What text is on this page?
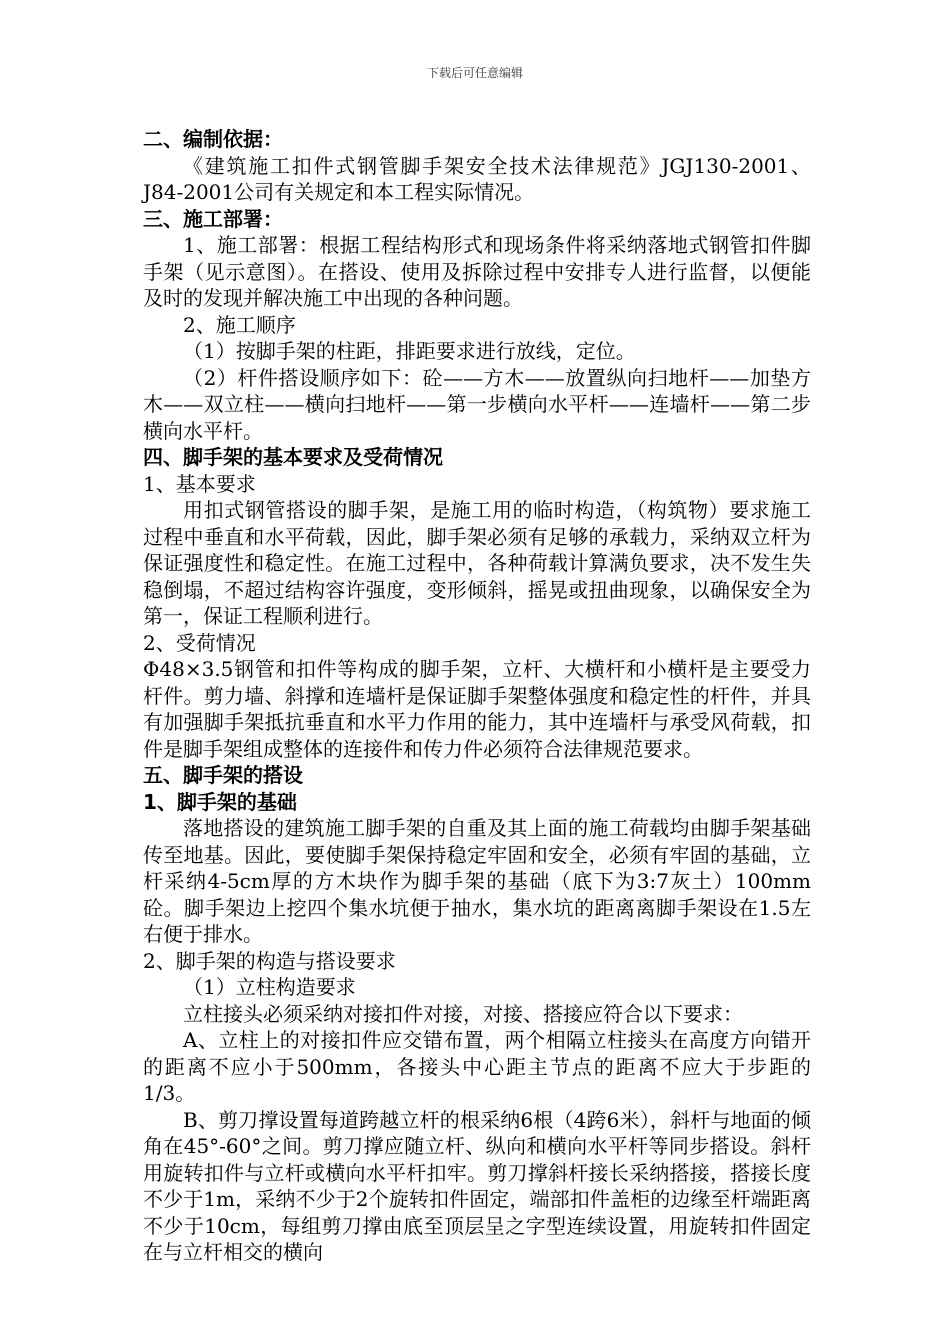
下载后可任意编辑

二、编制依据：

《建筑施工扣件式钢管脚手架安全技术法律规范》JGJ130-2001、J84-2001公司有关规定和本工程实际情况。

三、施工部署：

1、施工部署：根据工程结构形式和现场条件将采纳落地式钢管扣件脚手架（见示意图）。在搭设、使用及拆除过程中安排专人进行监督，以便能及时的发现并解决施工中出现的各种问题。

2、施工顺序

（1）按脚手架的柱距，排距要求进行放线，定位。

（2）杆件搭设顺序如下：砼——方木——放置纵向扫地杆——加垫方木——双立柱——横向扫地杆——第一步横向水平杆——连墙杆——第二步横向水平杆。

四、脚手架的基本要求及受荷情况

1、基本要求

用扣式钢管搭设的脚手架，是施工用的临时构造，（构筑物）要求施工过程中垂直和水平荷载，因此，脚手架必须有足够的承载力，采纳双立杆为保证强度性和稳定性。在施工过程中，各种荷载计算满负要求，决不发生失稳倒塌，不超过结构容许强度，变形倾斜，摇晃或扭曲现象，以确保安全为第一，保证工程顺利进行。

2、受荷情况

Φ48×3.5钢管和扣件等构成的脚手架，立杆、大横杆和小横杆是主要受力杆件。剪力墙、斜撑和连墙杆是保证脚手架整体强度和稳定性的杆件，并具有加强脚手架抵抗垂直和水平力作用的能力，其中连墙杆与承受风荷载，扣件是脚手架组成整体的连接件和传力件必须符合法律规范要求。

五、脚手架的搭设

1、脚手架的基础

落地搭设的建筑施工脚手架的自重及其上面的施工荷载均由脚手架基础传至地基。因此，要使脚手架保持稳定牢固和安全，必须有牢固的基础，立杆采纳4-5cm厚的方木块作为脚手架的基础（底下为3:7灰土）100mm砼。脚手架边上挖四个集水坑便于抽水，集水坑的距离离脚手架设在1.5左右便于排水。

2、脚手架的构造与搭设要求

（1）立柱构造要求

立柱接头必须采纳对接扣件对接，对接、搭接应符合以下要求：

A、立柱上的对接扣件应交错布置，两个相隔立柱接头在高度方向错开的距离不应小于500mm，各接头中心距主节点的距离不应大于步距的1/3。

B、剪刀撑设置每道跨越立杆的根采纳6根（4跨6米），斜杆与地面的倾角在45°-60°之间。剪刀撑应随立杆、纵向和横向水平杆等同步搭设。斜杆用旋转扣件与立杆或横向水平杆扣牢。剪刀撑斜杆接长采纳搭接，搭接长度不少于1m，采纳不少于2个旋转扣件固定，端部扣件盖柜的边缘至杆端距离不少于10cm，每组剪刀撑由底至顶层呈之字型连续设置，用旋转扣件固定在与立杆相交的横向
